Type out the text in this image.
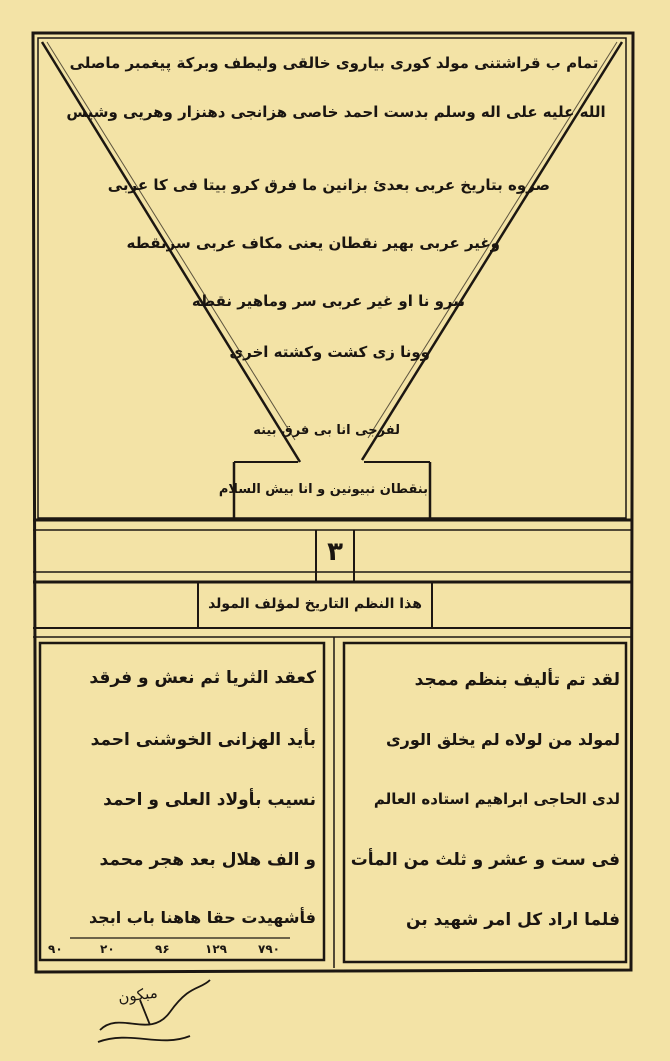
تمام ب قراشتنی مولد کوری بیاروی خالقی ولیطف وبرکة پیغمبر ماصلی
الله علیه علی اله وسلم بدست احمد خاصی هزانجی دهنزار وهریی وشیس
صروه بتاریخ عربی بعدئ بزانین ما فرق کرو بیتا فی کا عربی
وغیر عربی بهیر نقطان یعنی مکاف عربی سرنقطه
نیرو نا او غیر عربی سر وماهیر نقطه
وونا زی کشت وکشته اخری
لفرجی انا بی فرق بینه
بنقطان نبیونین و انا بیش السلام
۳
هذا النظم التاریخ لمؤلف المولد
لقد تم تألیف بنظم ممجد
لمولد من لولاه لم یخلق الوری
لدی الحاجی ابراهیم استاده العالم
فی ست و عشر و ثلث من المأت
فلما اراد کل امر شهید بن
کعقد الثریا ثم نعش و فرقد
بأید الهزانی الخوشنی احمد
نسیب بأولاد العلی و احمد
و الف هلال بعد هجر محمد
فأشهیدت حقا هاهنا باب ابجد
۹۰	۲۰	۹۶	۱۲۹	۷۹۰
مبکون
